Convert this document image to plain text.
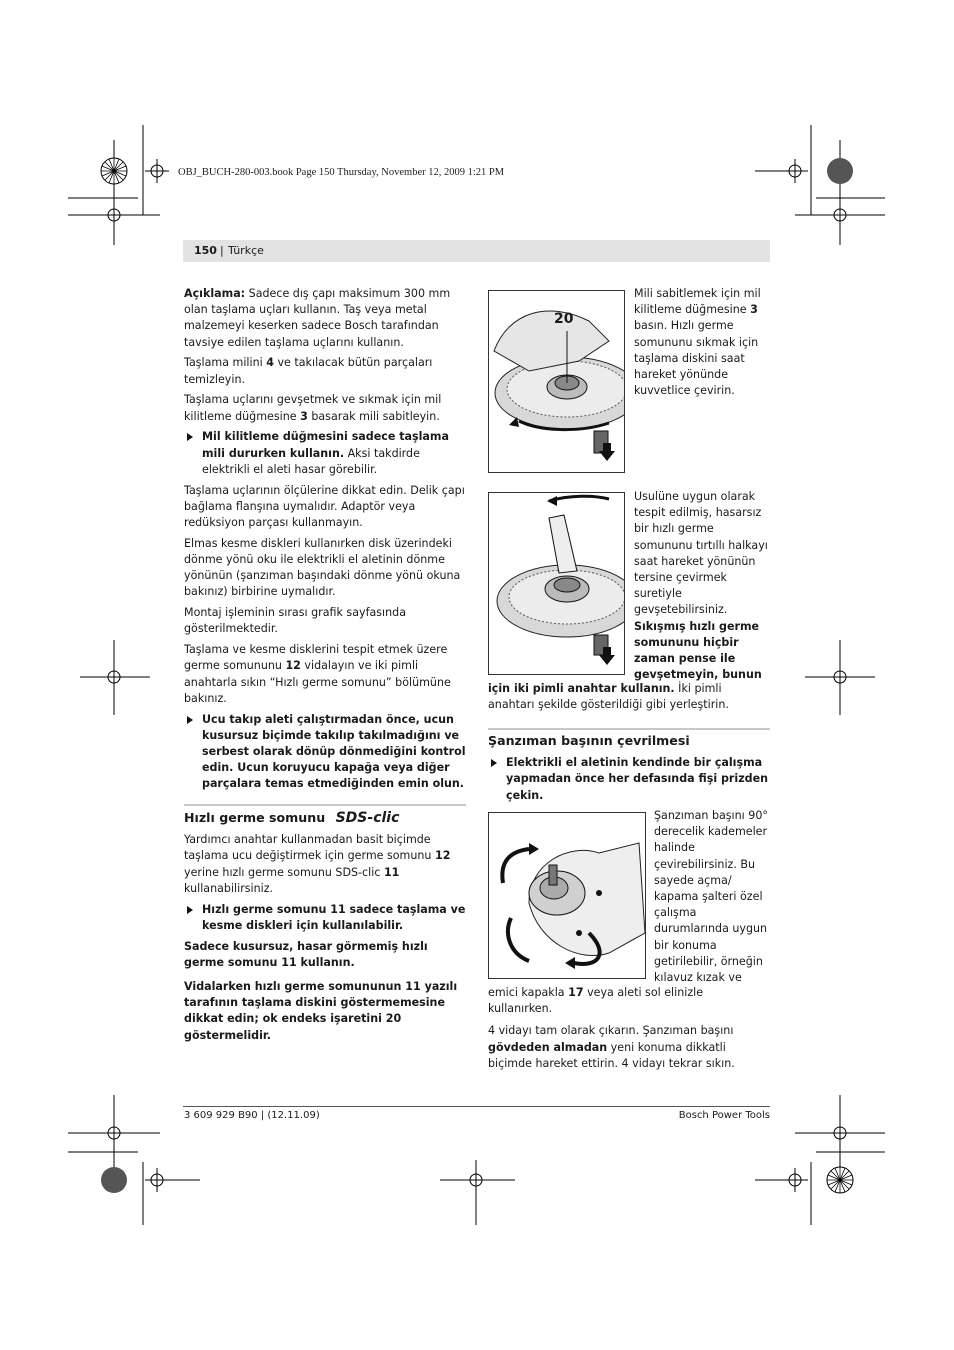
OBJ_BUCH-280-003.book Page 150 Thursday, November 12, 2009 1:21 PM
150 | Türkçe

Açıklama: Sadece dış çapı maksimum 300 mm olan taşlama uçları kullanın. Taş veya metal malzemeyi keserken sadece Bosch tarafından tavsiye edilen taşlama uçlarını kullanın.

Taşlama milini 4 ve takılacak bütün parçaları temizleyin.

Taşlama uçlarını gevşetmek ve sıkmak için mil kilitleme düğmesine 3 basarak mili sabitleyin.

Mil kilitleme düğmesini sadece taşlama mili dururken kullanın. Aksi takdirde elektrikli el aleti hasar görebilir.

Taşlama uçlarının ölçülerine dikkat edin. Delik çapı bağlama flanşına uymalıdır. Adaptör veya redüksiyon parçası kullanmayın.

Elmas kesme diskleri kullanırken disk üzerindeki dönme yönü oku ile elektrikli el aletinin dönme yönünün (şanzıman başındaki dönme yönü okuna bakınız) birbirine uymalıdır.

Montaj işleminin sırası grafik sayfasında gösterilmektedir.

Taşlama ve kesme disklerini tespit etmek üzere germe somununu 12 vidalayın ve iki pimli anahtarla sıkın “Hızlı germe somunu” bölümüne bakınız.

Ucu takıp aleti çalıştırmadan önce, ucun kusursuz biçimde takılıp takılmadığını ve serbest olarak dönüp dönmediğini kontrol edin. Ucun koruyucu kapağa veya diğer parçalara temas etmediğinden emin olun.
Hızlı germe somunu SDS-clic

Yardımcı anahtar kullanmadan basit biçimde taşlama ucu değiştirmek için germe somunu 12 yerine hızlı germe somunu SDS-clic 11 kullanabilirsiniz.

Hızlı germe somunu 11 sadece taşlama ve kesme diskleri için kullanılabilir.

Sadece kusursuz, hasar görmemiş hızlı germe somunu 11 kullanın.

Vidalarken hızlı germe somununun 11 yazılı tarafının taşlama diskini göstermemesine dikkat edin; ok endeks işaretini 20 göstermelidir.

20

Mili sabitlemek için mil kilitleme düğmesine 3 basın. Hızlı germe somununu sıkmak için taşlama diskini saat hareket yönünde kuvvetlice çevirin.

Usulüne uygun olarak tespit edilmiş, hasarsız bir hızlı germe somununu tırtıllı halkayı saat hareket yönünün tersine çevirmek suretiyle gevşetebilirsiniz. Sıkışmış hızlı germe somununu hiçbir zaman pense ile gevşetmeyin, bunun

için iki pimli anahtar kullanın. İki pimli anahtarı şekilde gösterildiği gibi yerleştirin.

Şanzıman başının çevrilmesi
Elektrikli el aletinin kendinde bir çalışma yapmadan önce her defasında fişi prizden çekin.

Şanzıman başını 90° derecelik kademeler halinde çevirebilirsiniz. Bu sayede açma/ kapama şalteri özel çalışma durumlarında uygun bir konuma getirilebilir, örneğin kılavuz kızak ve

emici kapakla 17 veya aleti sol elinizle kullanırken.

4 vidayı tam olarak çıkarın. Şanzıman başını gövdeden almadan yeni konuma dikkatli biçimde hareket ettirin. 4 vidayı tekrar sıkın.

3 609 929 B90 | (12.11.09)	Bosch Power Tools
